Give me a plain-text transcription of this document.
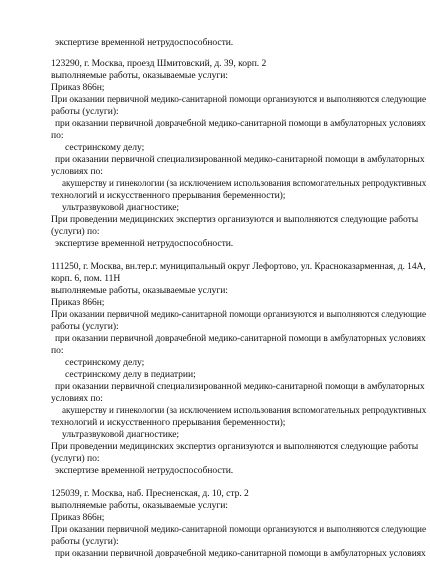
экспертизе временной нетрудоспособности.
123290, г. Москва, проезд Шмитовский, д. 39, корп. 2
выполняемые работы, оказываемые услуги:
Приказ 866н;
При оказании первичной медико-санитарной помощи организуются и выполняются следующие
работы (услуги):
при оказании первичной доврачебной медико-санитарной помощи в амбулаторных условиях
по:
сестринскому делу;
при оказании первичной специализированной медико-санитарной помощи в амбулаторных
условиях по:
акушерству и гинекологии (за исключением использования вспомогательных репродуктивных
технологий и искусственного прерывания беременности);
ультразвуковой диагностике;
При проведении медицинских экспертиз организуются и выполняются следующие работы
(услуги) по:
экспертизе временной нетрудоспособности.
111250, г. Москва, вн.тер.г. муниципальный округ Лефортово, ул. Красноказарменная, д. 14А,
корп. 6, пом. 11Н
выполняемые работы, оказываемые услуги:
Приказ 866н;
При оказании первичной медико-санитарной помощи организуются и выполняются следующие
работы (услуги):
при оказании первичной доврачебной медико-санитарной помощи в амбулаторных условиях
по:
сестринскому делу;
сестринскому делу в педиатрии;
при оказании первичной специализированной медико-санитарной помощи в амбулаторных
условиях по:
акушерству и гинекологии (за исключением использования вспомогательных репродуктивных
технологий и искусственного прерывания беременности);
ультразвуковой диагностике;
При проведении медицинских экспертиз организуются и выполняются следующие работы
(услуги) по:
экспертизе временной нетрудоспособности.
125039, г. Москва, наб. Пресненская, д. 10, стр. 2
выполняемые работы, оказываемые услуги:
Приказ 866н;
При оказании первичной медико-санитарной помощи организуются и выполняются следующие
работы (услуги):
при оказании первичной доврачебной медико-санитарной помощи в амбулаторных условиях
